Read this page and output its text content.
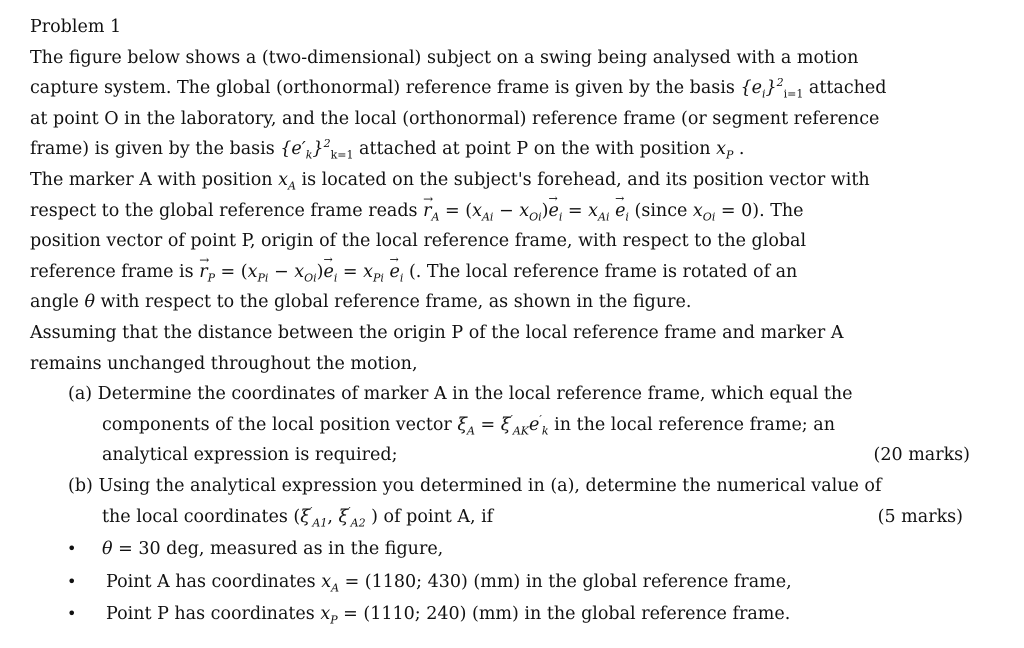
Problem 1
The figure below shows a (two-dimensional) subject on a swing being analysed with a motion
capture system. The global (orthonormal) reference frame is given by the basis $\{e_i\}^2_{i=1}$ attached
at point O in the laboratory, and the local (orthonormal) reference frame (or segment reference
frame) is given by the basis $\{e'_k\}^2_{k=1}$ attached at point P on the with position $x_P$ .
The marker A with position $x_A$ is located on the subject's forehead, and its position vector with
respect to the global reference frame reads → $r_A = (x_{Ai} - x_{Oi})\to e_i = x_{Ai} \to e_i$ (since $x_{Oi} = 0$). The
position vector of point P, origin of the local reference frame, with respect to the global
reference frame is → $r_P = (x_{Pi} - x_{Oi})\to e_i = x_{Pi} \to e_i$ (. The local reference frame is rotated of an
angle θ with respect to the global reference frame, as shown in the figure.
Assuming that the distance between the origin P of the local reference frame and marker A
remains unchanged throughout the motion,
(a) Determine the coordinates of marker A in the local reference frame, which equal the
components of the local position vector $\xi_A = \xi'_{AK}e'_k$ in the local reference frame; an
analytical expression is required;	(20 marks)
(b) Using the analytical expression you determined in (a), determine the numerical value of
the local coordinates ($\xi'_{A1}$, $\xi'_{A2}$ ) of point A, if	(5 marks)
• θ = 30 deg, measured as in the figure,
• Point A has coordinates $x_A = (1180$; 430) (mm) in the global reference frame,
• Point P has coordinates $x_P = (1110$; 240) (mm) in the global reference frame.
